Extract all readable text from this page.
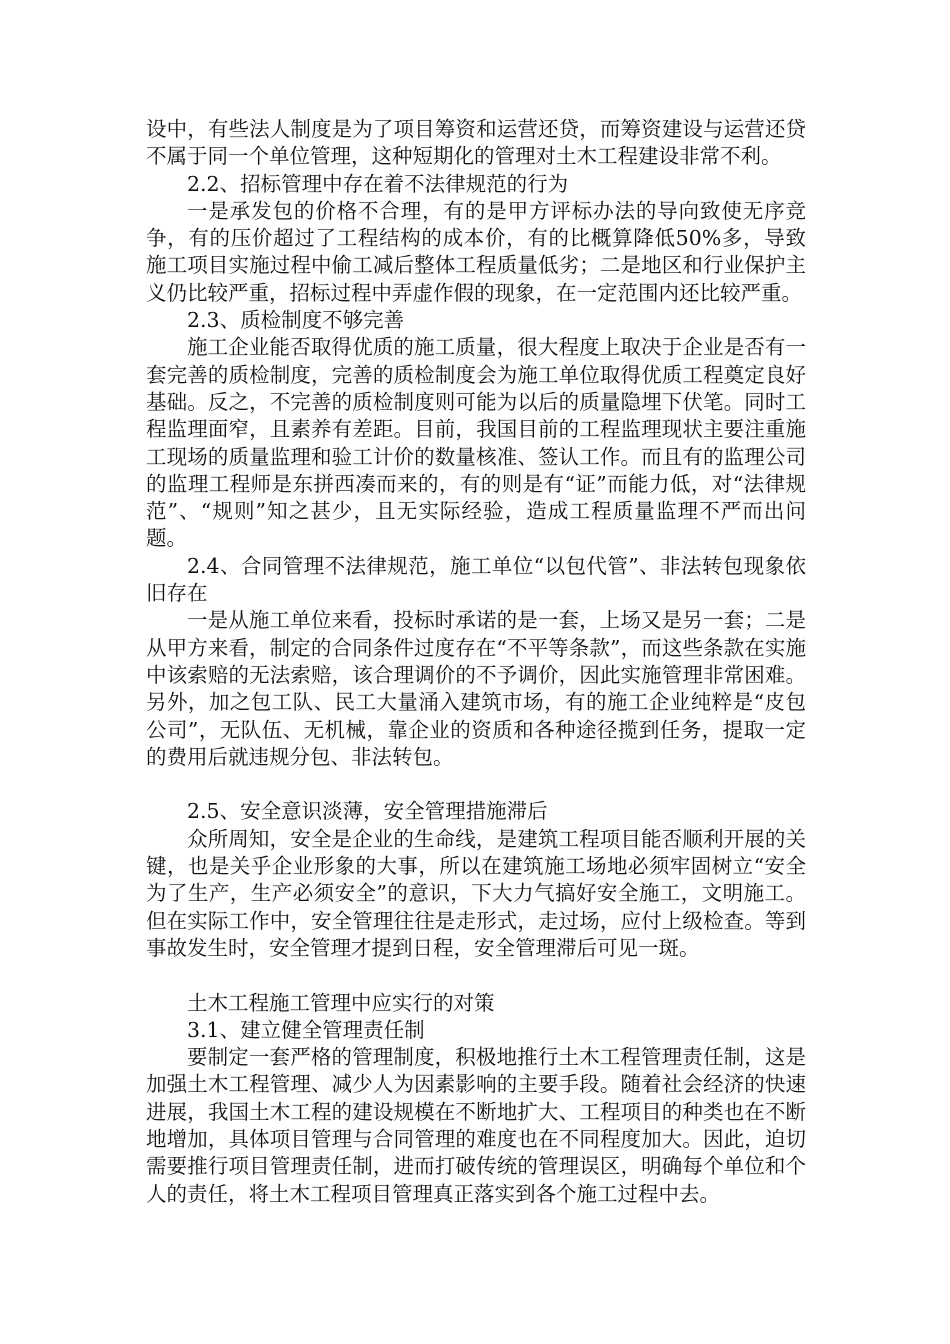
设中，有些法人制度是为了项目筹资和运营还贷，而筹资建设与运营还贷不属于同一个单位管理，这种短期化的管理对土木工程建设非常不利。

2.2、招标管理中存在着不法律规范的行为

一是承发包的价格不合理，有的是甲方评标办法的导向致使无序竞争，有的压价超过了工程结构的成本价，有的比概算降低50%多，导致施工项目实施过程中偷工减后整体工程质量低劣；二是地区和行业保护主义仍比较严重，招标过程中弄虚作假的现象，在一定范围内还比较严重。

2.3、质检制度不够完善

施工企业能否取得优质的施工质量，很大程度上取决于企业是否有一套完善的质检制度，完善的质检制度会为施工单位取得优质工程奠定良好基础。反之，不完善的质检制度则可能为以后的质量隐埋下伏笔。同时工程监理面窄，且素养有差距。目前，我国目前的工程监理现状主要注重施工现场的质量监理和验工计价的数量核准、签认工作。而且有的监理公司的监理工程师是东拼西凑而来的，有的则是有“证”而能力低，对“法律规范”、“规则”知之甚少，且无实际经验，造成工程质量监理不严而出问题。

2.4、合同管理不法律规范，施工单位“以包代管”、非法转包现象依旧存在

一是从施工单位来看，投标时承诺的是一套，上场又是另一套；二是从甲方来看，制定的合同条件过度存在“不平等条款”，而这些条款在实施中该索赔的无法索赔，该合理调价的不予调价，因此实施管理非常困难。另外，加之包工队、民工大量涌入建筑市场，有的施工企业纯粹是“皮包公司”，无队伍、无机械，靠企业的资质和各种途径揽到任务，提取一定的费用后就违规分包、非法转包。

2.5、安全意识淡薄，安全管理措施滞后

众所周知，安全是企业的生命线，是建筑工程项目能否顺利开展的关键，也是关乎企业形象的大事，所以在建筑施工场地必须牢固树立“安全为了生产，生产必须安全”的意识，下大力气搞好安全施工，文明施工。但在实际工作中，安全管理往往是走形式，走过场，应付上级检查。等到事故发生时，安全管理才提到日程，安全管理滞后可见一斑。

土木工程施工管理中应实行的对策

3.1、建立健全管理责任制

要制定一套严格的管理制度，积极地推行土木工程管理责任制，这是加强土木工程管理、减少人为因素影响的主要手段。随着社会经济的快速进展，我国土木工程的建设规模在不断地扩大、工程项目的种类也在不断地增加，具体项目管理与合同管理的难度也在不同程度加大。因此，迫切需要推行项目管理责任制，进而打破传统的管理误区，明确每个单位和个人的责任，将土木工程项目管理真正落实到各个施工过程中去。
